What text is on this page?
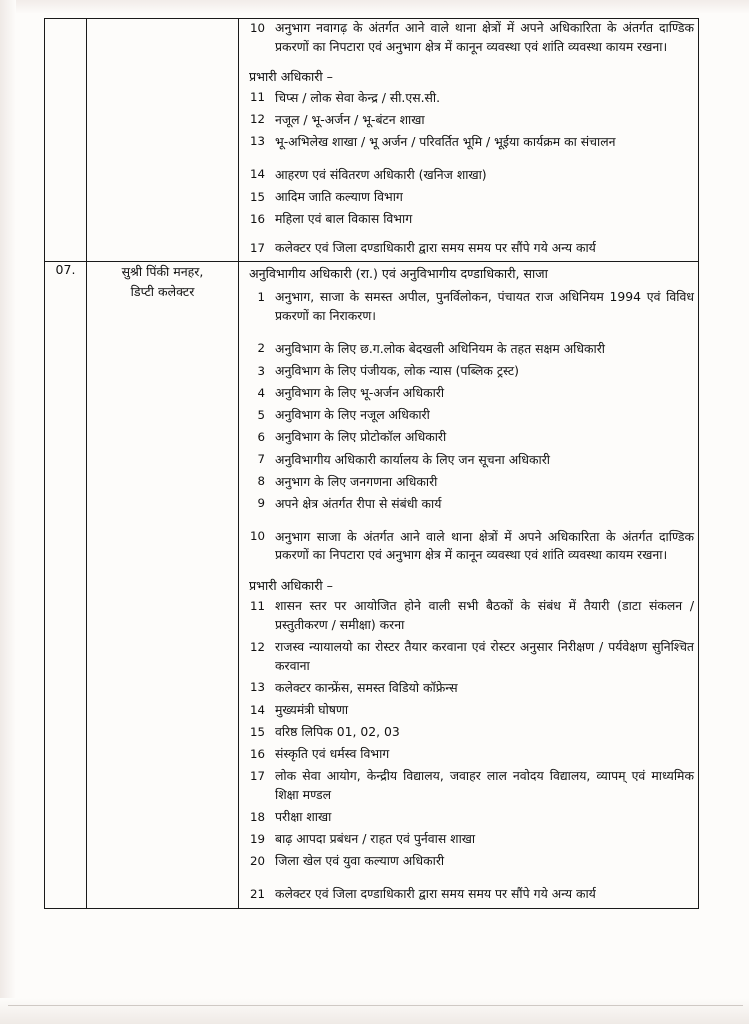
10 अनुभाग नवागढ़ के अंतर्गत आने वाले थाना क्षेत्रों में अपने अधिकारिता के अंतर्गत दाण्डिक प्रकरणों का निपटारा एवं अनुभाग क्षेत्र में कानून व्यवस्था एवं शांति व्यवस्था कायम रखना।
प्रभारी अधिकारी –
11 चिप्स / लोक सेवा केन्द्र / सी.एस.सी.
12 नजूल / भू-अर्जन / भू-बंटन शाखा
13 भू-अभिलेख शाखा / भू अर्जन / परिवर्तित भूमि / भूईया कार्यक्रम का संचालन
14 आहरण एवं संवितरण अधिकारी (खनिज शाखा)
15 आदिम जाति कल्याण विभाग
16 महिला एवं बाल विकास विभाग
17 कलेक्टर एवं जिला दण्डाधिकारी द्वारा समय समय पर सौंपे गये अन्य कार्य

07.	सुश्री पिंकी मनहर,
डिप्टी कलेक्टर

अनुविभागीय अधिकारी (रा.) एवं अनुविभागीय दण्डाधिकारी, साजा
1 अनुभाग, साजा के समस्त अपील, पुनर्विलोकन, पंचायत राज अधिनियम 1994 एवं विविध प्रकरणों का निराकरण।
2 अनुविभाग के लिए छ.ग.लोक बेदखली अधिनियम के तहत सक्षम अधिकारी
3 अनुविभाग के लिए पंजीयक, लोक न्यास (पब्लिक ट्रस्ट)
4 अनुविभाग के लिए भू-अर्जन अधिकारी
5 अनुविभाग के लिए नजूल अधिकारी
6 अनुविभाग के लिए प्रोटोकॉल अधिकारी
7 अनुविभागीय अधिकारी कार्यालय के लिए जन सूचना अधिकारी
8 अनुभाग के लिए जनगणना अधिकारी
9 अपने क्षेत्र अंतर्गत रीपा से संबंधी कार्य
10 अनुभाग साजा के अंतर्गत आने वाले थाना क्षेत्रों में अपने अधिकारिता के अंतर्गत दाण्डिक प्रकरणों का निपटारा एवं अनुभाग क्षेत्र में कानून व्यवस्था एवं शांति व्यवस्था कायम रखना।
प्रभारी अधिकारी –
11 शासन स्तर पर आयोजित होने वाली सभी बैठकों के संबंध में तैयारी (डाटा संकलन / प्रस्तुतीकरण / समीक्षा) करना
12 राजस्व न्यायालयो का रोस्टर तैयार करवाना एवं रोस्टर अनुसार निरीक्षण / पर्यवेक्षण सुनिश्चित करवाना
13 कलेक्टर कान्फ्रेंस, समस्त विडियो कॉफ्रेन्स
14 मुख्यमंत्री घोषणा
15 वरिष्ठ लिपिक 01, 02, 03
16 संस्कृति एवं धर्मस्व विभाग
17 लोक सेवा आयोग, केन्द्रीय विद्यालय, जवाहर लाल नवोदय विद्यालय, व्यापम् एवं माध्यमिक शिक्षा मण्डल
18 परीक्षा शाखा
19 बाढ़ आपदा प्रबंधन / राहत एवं पुर्नवास शाखा
20 जिला खेल एवं युवा कल्याण अधिकारी
21 कलेक्टर एवं जिला दण्डाधिकारी द्वारा समय समय पर सौंपे गये अन्य कार्य
